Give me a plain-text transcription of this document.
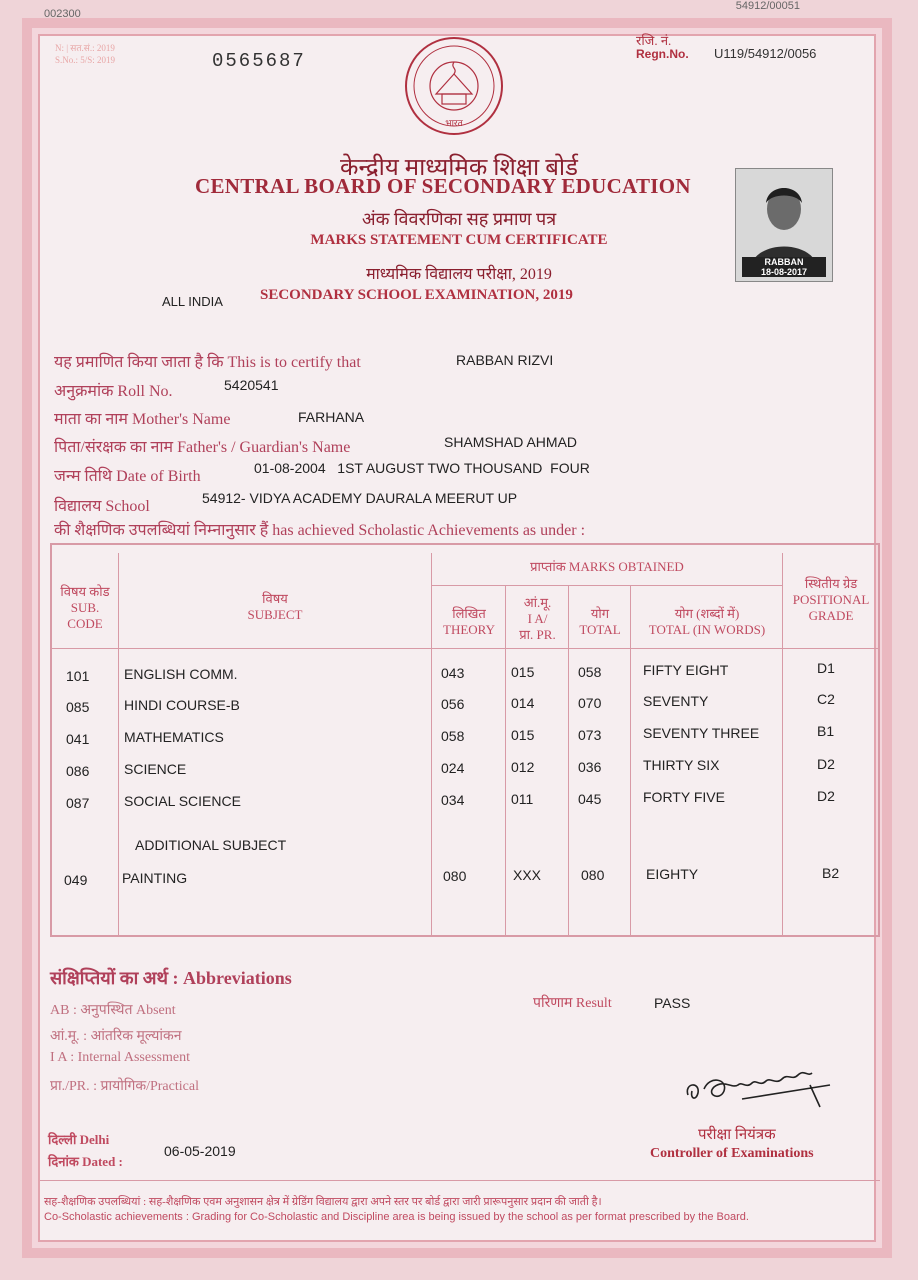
002300
54912/00051
N: | सत.सं.: 2019
S.No.: 5/S: 2019	0565687
रजि. नं.
Regn.No. U119/54912/0056
भारत
केन्द्रीय माध्यमिक शिक्षा बोर्ड
CENTRAL BOARD OF SECONDARY EDUCATION
अंक विवरणिका सह प्रमाण पत्र
MARKS STATEMENT CUM CERTIFICATE
माध्यमिक विद्यालय परीक्षा, 2019
ALL INDIA SECONDARY SCHOOL EXAMINATION, 2019
RABBAN
18-08-2017
यह प्रमाणित किया जाता है कि This is to certify that	RABBAN RIZVI
अनुक्रमांक Roll No.	5420541
माता का नाम Mother's Name	FARHANA
पिता/संरक्षक का नाम Father's / Guardian's Name	SHAMSHAD AHMAD
जन्म तिथि Date of Birth	01-08-2004   1ST AUGUST TWO THOUSAND  FOUR
विद्यालय School	54912- VIDYA ACADEMY DAURALA MEERUT UP
की शैक्षणिक उपलब्धियां निम्नानुसार हैं has achieved Scholastic Achievements as under :
विषय कोड
SUB.
CODE
विषय
SUBJECT
प्राप्तांक MARKS OBTAINED
लिखित
THEORY
आं.मू.
I A/
प्रा. PR.
योग
TOTAL
योग (शब्दों में)
TOTAL (IN WORDS)
स्थितीय ग्रेड
POSITIONAL
GRADE
101 ENGLISH COMM.	043	015	058	FIFTY EIGHT	D1
085 HINDI COURSE-B	056	014	070	SEVENTY	C2
041 MATHEMATICS	058	015	073	SEVENTY THREE	B1
086 SCIENCE	024	012	036	THIRTY SIX	D2
087 SOCIAL SCIENCE	034	011	045	FORTY FIVE	D2
ADDITIONAL SUBJECT
049 PAINTING	080	XXX	080	EIGHTY	B2
संक्षिप्तियों का अर्थ : Abbreviations
AB : अनुपस्थित Absent
आं.मू. : आंतरिक मूल्यांकन
I A : Internal Assessment
प्रा./PR. : प्रायोगिक/Practical
परिणाम Result	PASS
दिल्ली Delhi
दिनांक Dated :
06-05-2019
परीक्षा नियंत्रक
Controller of Examinations
सह-शैक्षणिक उपलब्धियां : सह-शैक्षणिक एवम अनुशासन क्षेत्र में ग्रेडिंग विद्यालय द्वारा अपने स्तर पर बोर्ड द्वारा जारी प्रारूपनुसार प्रदान की जाती है।
Co-Scholastic achievements : Grading for Co-Scholastic and Discipline area is being issued by the school as per format prescribed by the Board.
